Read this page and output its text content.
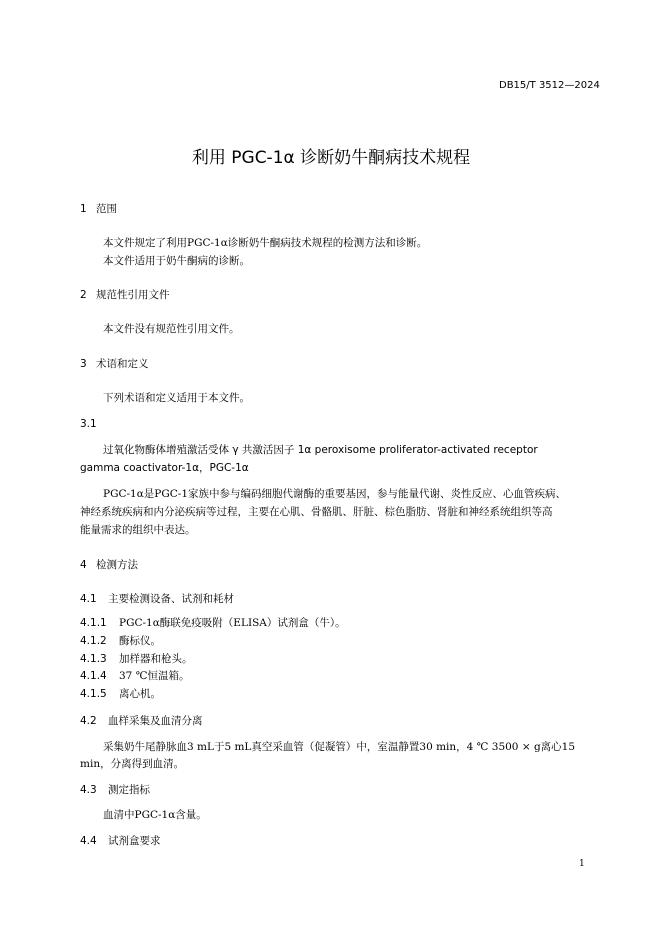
DB15/T 3512—2024
利用 PGC-1α 诊断奶牛酮病技术规程
1 范围
本文件规定了利用PGC-1α诊断奶牛酮病技术规程的检测方法和诊断。
本文件适用于奶牛酮病的诊断。
2 规范性引用文件
本文件没有规范性引用文件。
3 术语和定义
下列术语和定义适用于本文件。
3.1
过氧化物酶体增殖激活受体 γ 共激活因子 1α peroxisome proliferator-activated receptor
gamma coactivator-1α，PGC-1α
PGC-1α是PGC-1家族中参与编码细胞代谢酶的重要基因，参与能量代谢、炎性反应、心血管疾病、
神经系统疾病和内分泌疾病等过程，主要在心肌、骨骼肌、肝脏、棕色脂肪、肾脏和神经系统组织等高
能量需求的组织中表达。
4 检测方法
4.1 主要检测设备、试剂和耗材
4.1.1 PGC-1α酶联免疫吸附（ELISA）试剂盒（牛）。
4.1.2 酶标仪。
4.1.3 加样器和枪头。
4.1.4 37 ℃恒温箱。
4.1.5 离心机。
4.2 血样采集及血清分离
采集奶牛尾静脉血3 mL于5 mL真空采血管（促凝管）中，室温静置30 min，4 ℃ 3500 × g离心15
min，分离得到血清。
4.3 测定指标
血清中PGC-1α含量。
4.4 试剂盒要求
1
